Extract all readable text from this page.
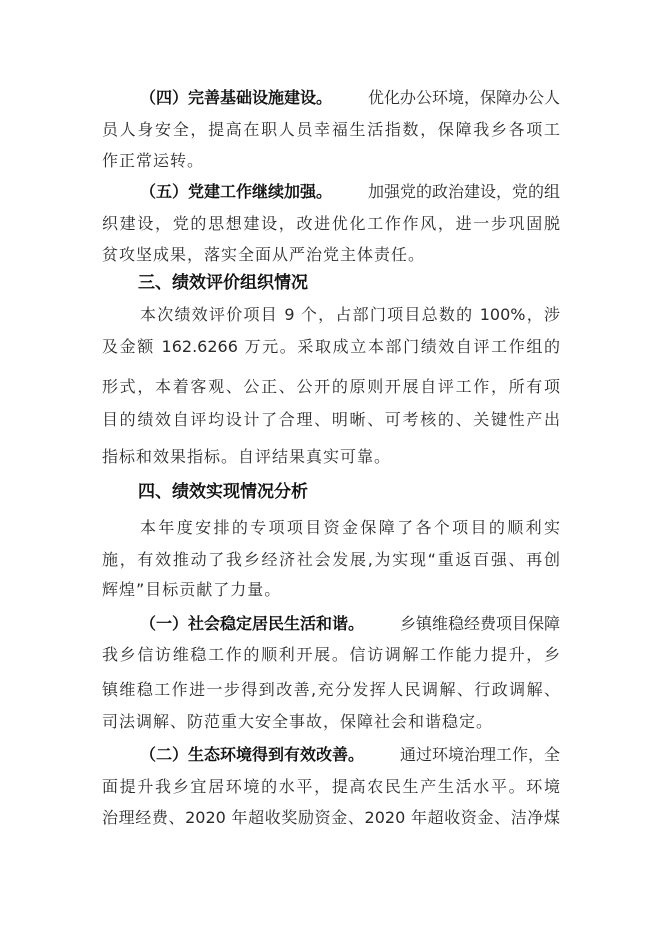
（四）完善基础设施建设。 优化办公环境，保障办公人
员人身安全，提高在职人员幸福生活指数，保障我乡各项工
作正常运转。
（五）党建工作继续加强。 加强党的政治建设，党的组
织建设，党的思想建设，改进优化工作作风，进一步巩固脱
贫攻坚成果，落实全面从严治党主体责任。
三、绩效评价组织情况
本次绩效评价项目 9 个，占部门项目总数的 100%，涉
及金额 162.6266 万元。采取成立本部门绩效自评工作组的
形式，本着客观、公正、公开的原则开展自评工作，所有项
目的绩效自评均设计了合理、明晰、可考核的、关键性产出
指标和效果指标。自评结果真实可靠。
四、绩效实现情况分析
本年度安排的专项项目资金保障了各个项目的顺利实
施，有效推动了我乡经济社会发展,为实现“重返百强、再创
辉煌”目标贡献了力量。
（一）社会稳定居民生活和谐。 乡镇维稳经费项目保障
我乡信访维稳工作的顺利开展。信访调解工作能力提升，乡
镇维稳工作进一步得到改善,充分发挥人民调解、行政调解、
司法调解、防范重大安全事故，保障社会和谐稳定。
（二）生态环境得到有效改善。 通过环境治理工作，全
面提升我乡宜居环境的水平，提高农民生产生活水平。环境
治理经费、2020 年超收奖励资金、2020 年超收资金、洁净煤
